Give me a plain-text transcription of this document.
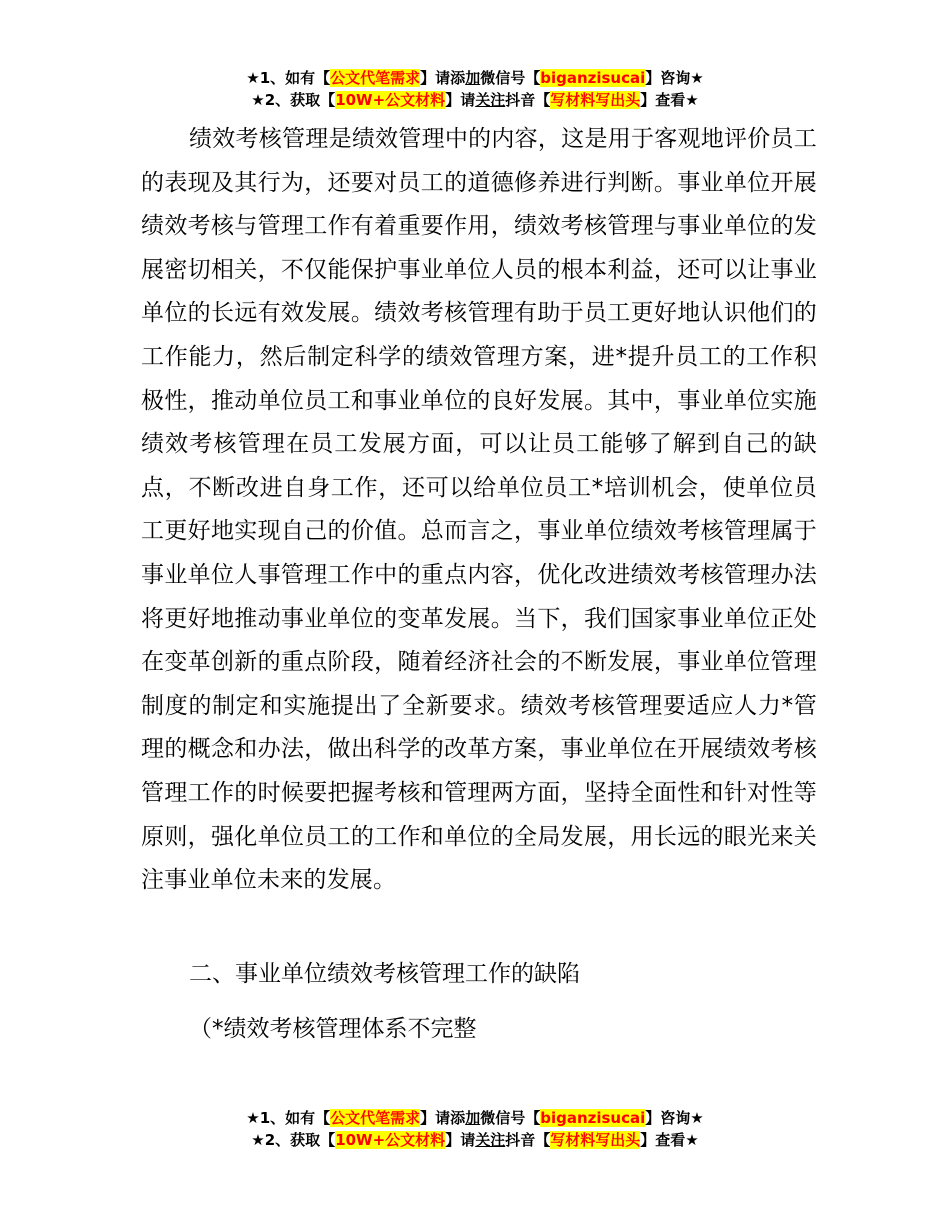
★1、如有【公文代笔需求】请添加微信号【biganzisucai】咨询★
★2、获取【10W+公文材料】请关注抖音【写材料写出头】查看★

绩效考核管理是绩效管理中的内容，这是用于客观地评价员工的表现及其行为，还要对员工的道德修养进行判断。事业单位开展绩效考核与管理工作有着重要作用，绩效考核管理与事业单位的发展密切相关，不仅能保护事业单位人员的根本利益，还可以让事业单位的长远有效发展。绩效考核管理有助于员工更好地认识他们的工作能力，然后制定科学的绩效管理方案，进*提升员工的工作积极性，推动单位员工和事业单位的良好发展。其中，事业单位实施绩效考核管理在员工发展方面，可以让员工能够了解到自己的缺点，不断改进自身工作，还可以给单位员工*培训机会，使单位员工更好地实现自己的价值。总而言之，事业单位绩效考核管理属于事业单位人事管理工作中的重点内容，优化改进绩效考核管理办法将更好地推动事业单位的变革发展。当下，我们国家事业单位正处在变革创新的重点阶段，随着经济社会的不断发展，事业单位管理制度的制定和实施提出了全新要求。绩效考核管理要适应人力*管理的概念和办法，做出科学的改革方案，事业单位在开展绩效考核管理工作的时候要把握考核和管理两方面，坚持全面性和针对性等原则，强化单位员工的工作和单位的全局发展，用长远的眼光来关注事业单位未来的发展。

二、事业单位绩效考核管理工作的缺陷
（*绩效考核管理体系不完整
★1、如有【公文代笔需求】请添加微信号【biganzisucai】咨询★
★2、获取【10W+公文材料】请关注抖音【写材料写出头】查看★
